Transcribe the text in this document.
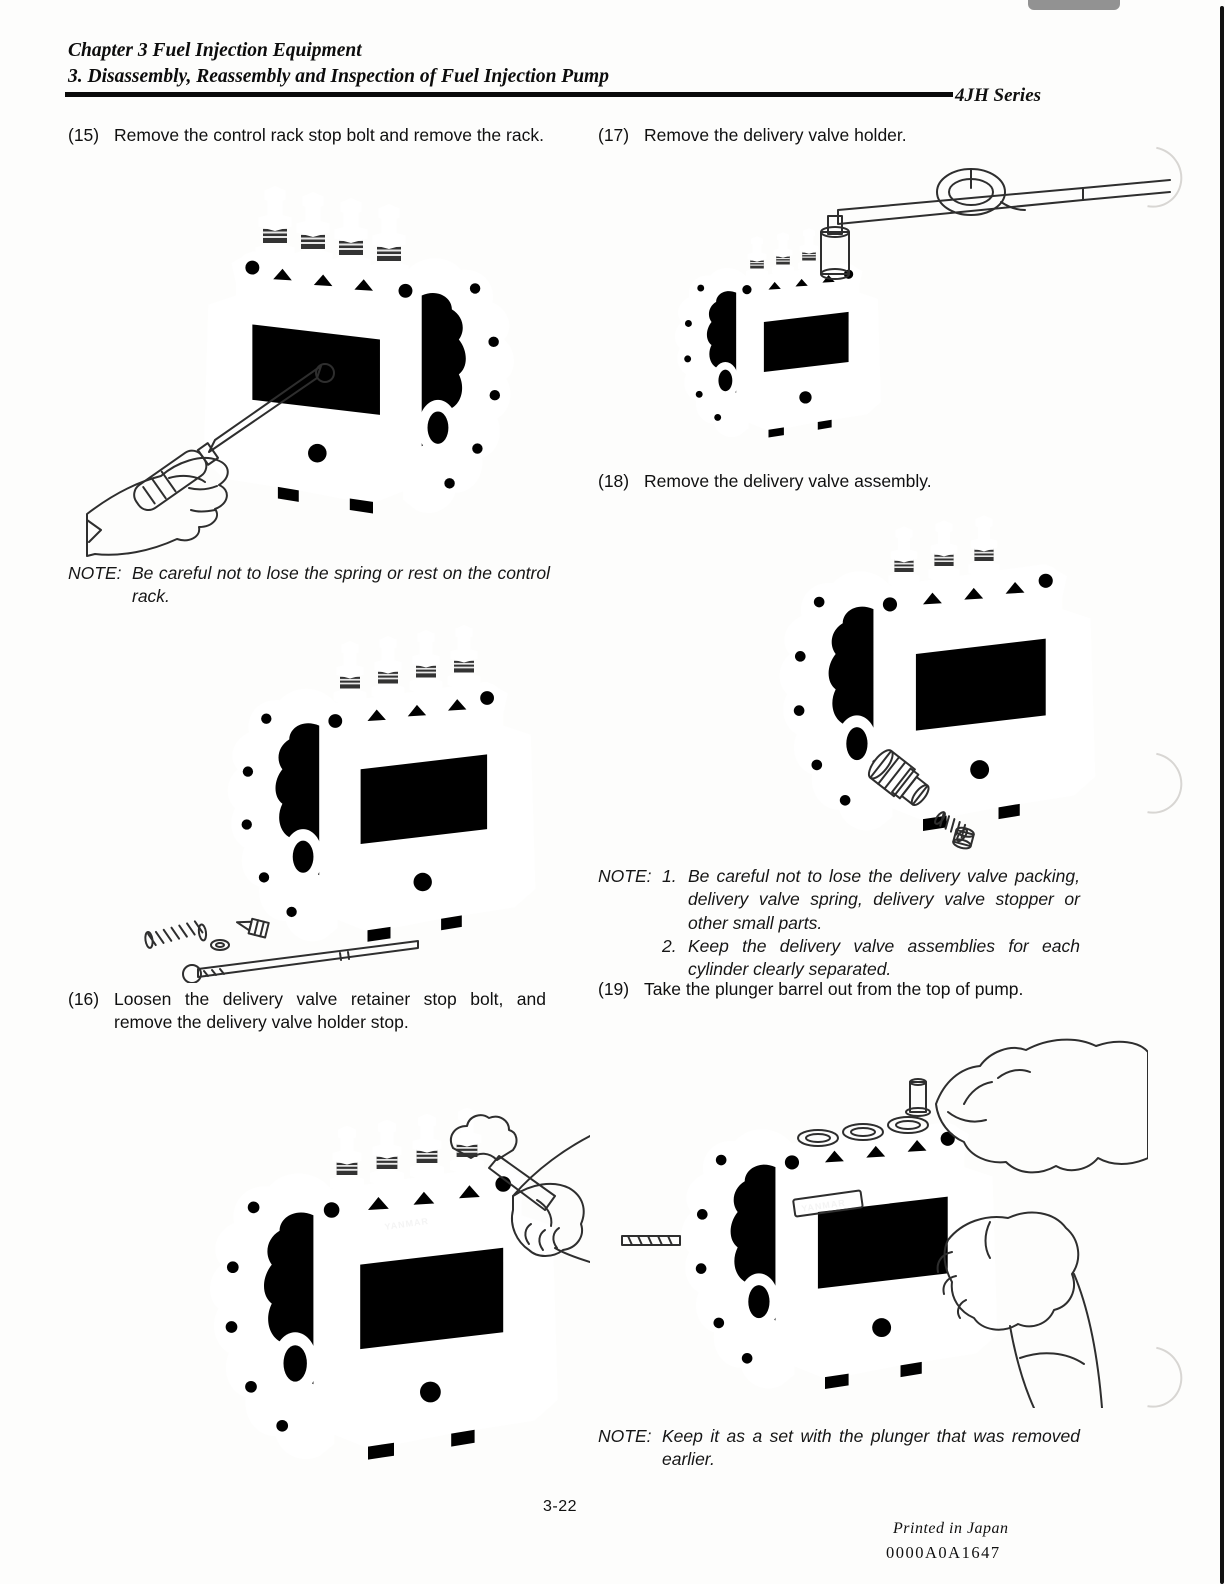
Chapter 3 Fuel Injection Equipment
3. Disassembly, Reassembly and Inspection of Fuel Injection Pump
4JH Series
(15) Remove the control rack stop bolt and remove the rack.
NOTE: Be careful not to lose the spring or rest on the control rack.
(16) Loosen the delivery valve retainer stop bolt, and remove the delivery valve holder stop.
YANMAR
(17) Remove the delivery valve holder.
(18) Remove the delivery valve assembly.
NOTE: 1. Be careful not to lose the delivery valve packing, delivery valve spring, delivery valve stopper or other small parts.
2. Keep the delivery valve assemblies for each cylinder clearly separated.
(19) Take the plunger barrel out from the top of pump.
YANMAR
NOTE: Keep it as a set with the plunger that was removed earlier.
3-22
Printed in Japan
0000A0A1647
